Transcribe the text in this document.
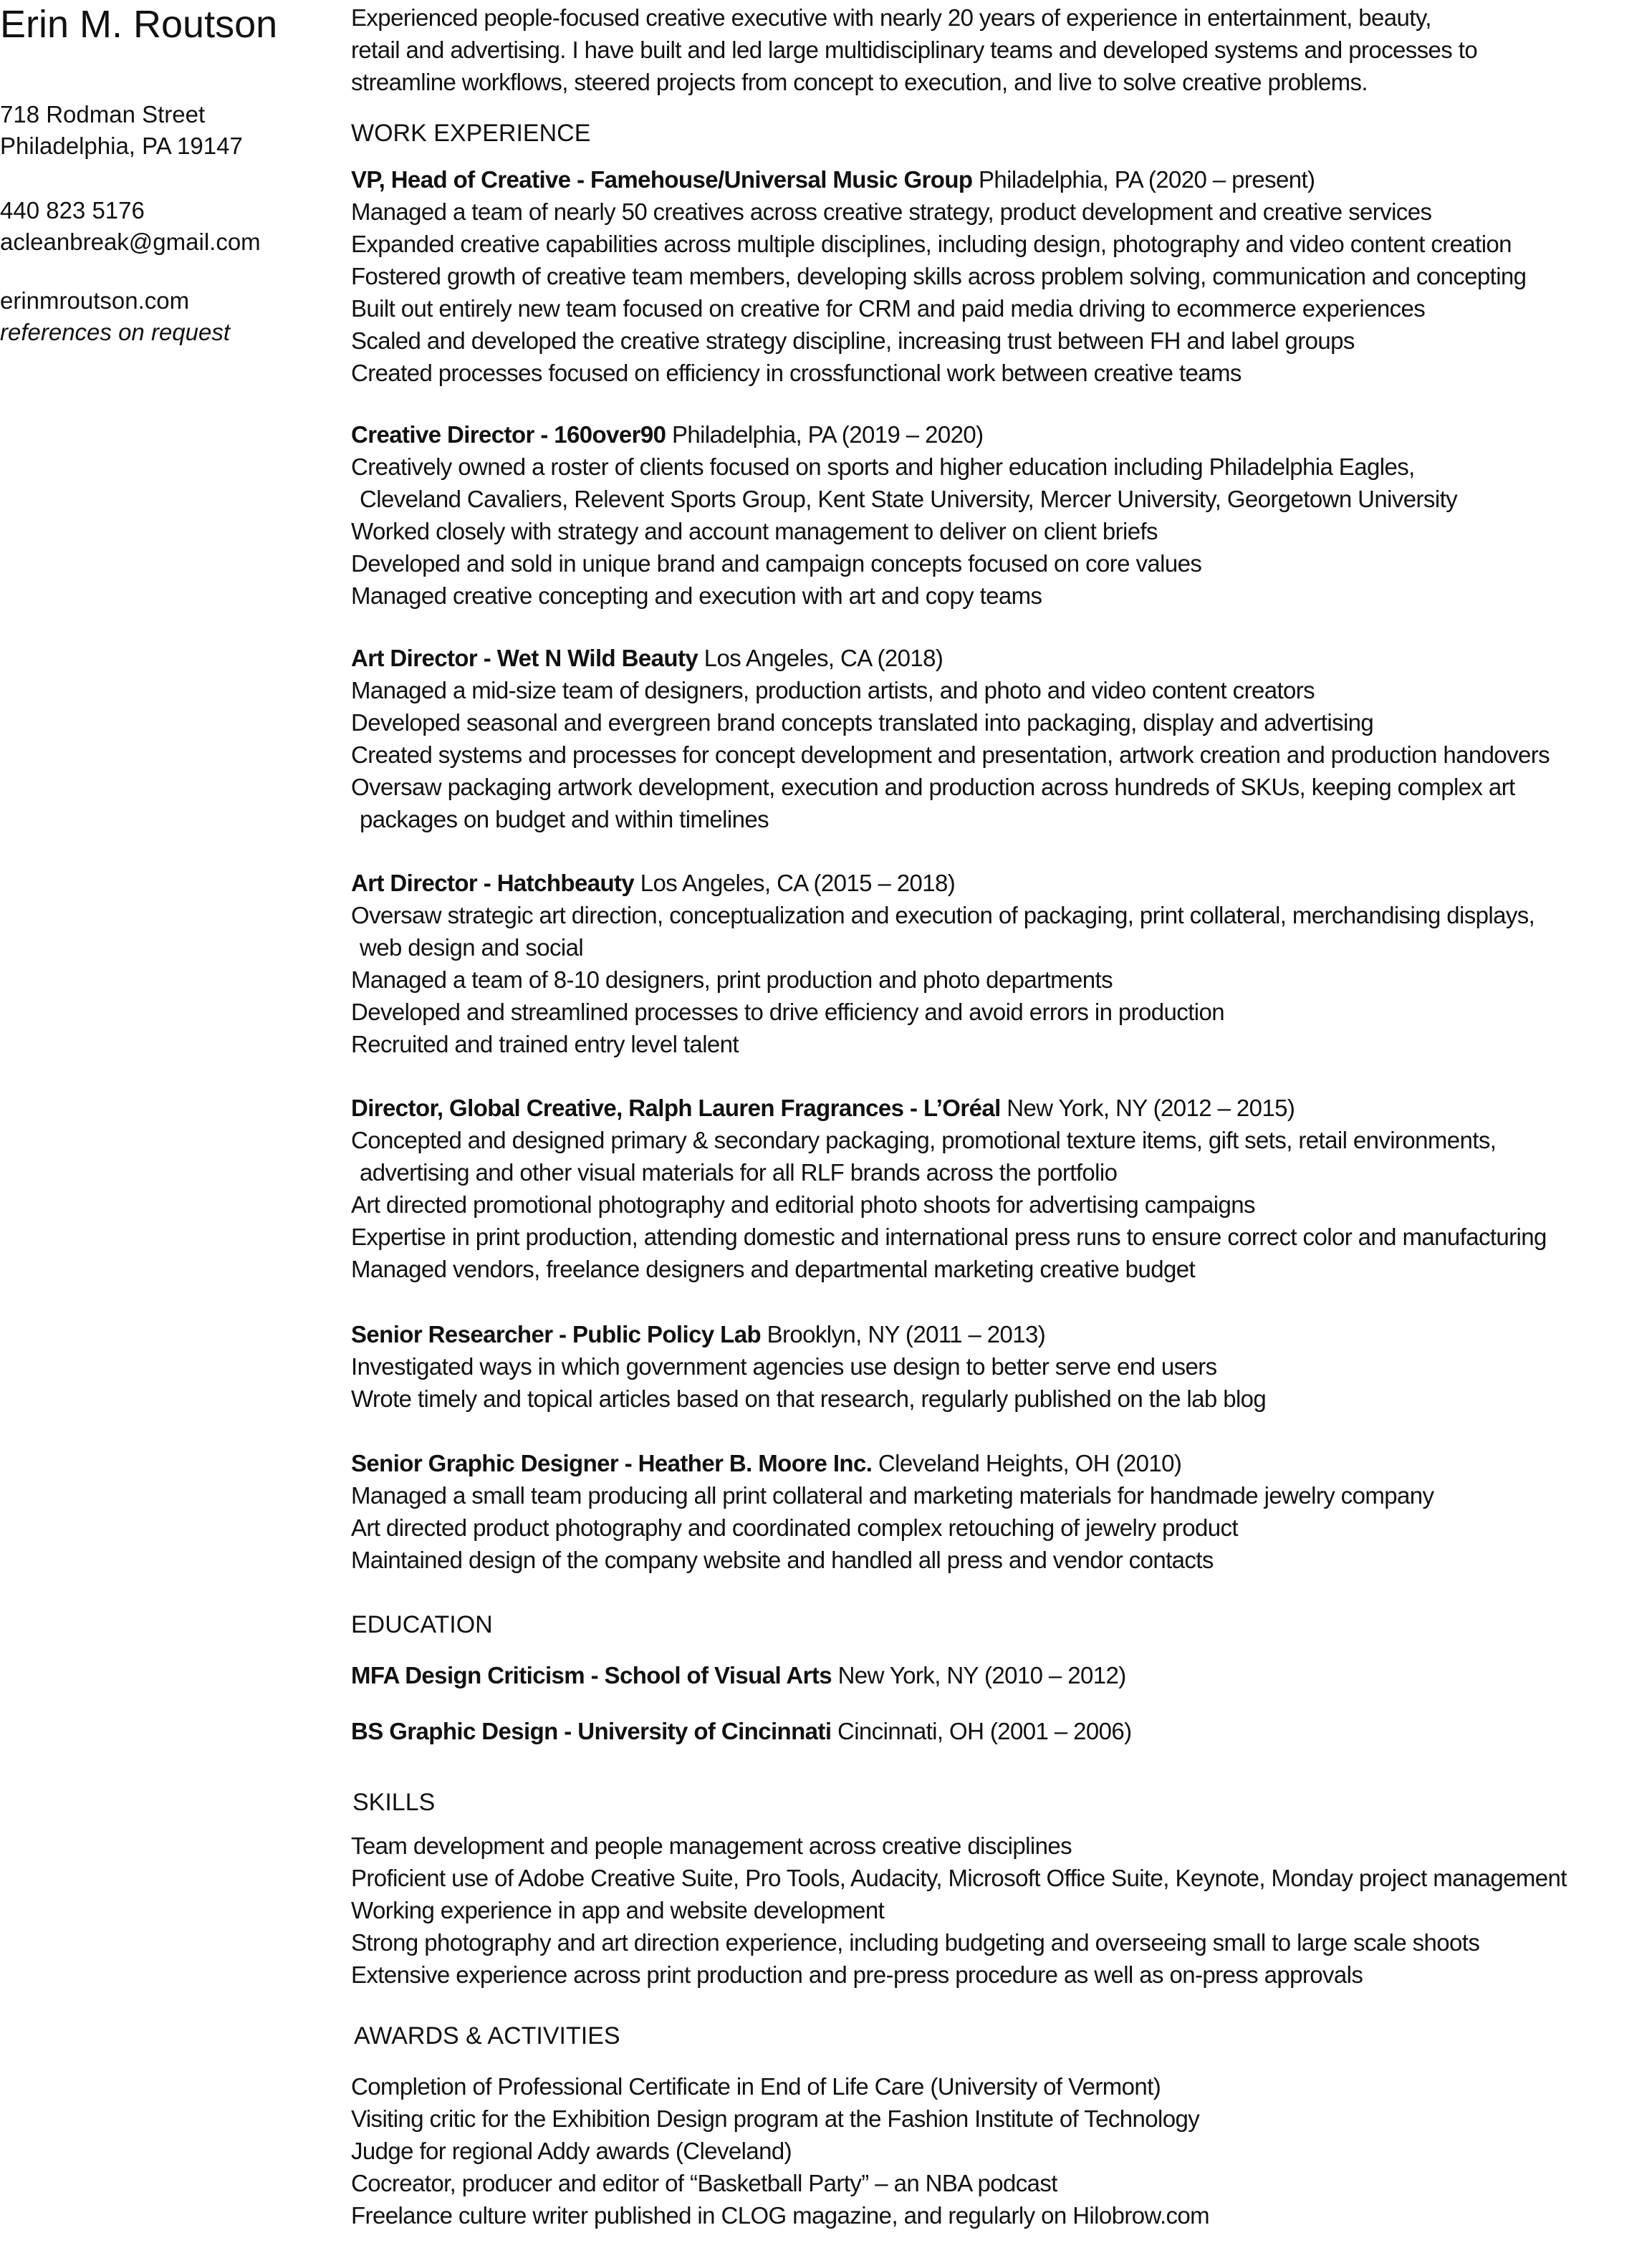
Erin M. Routson
718 Rodman Street
Philadelphia, PA 19147
440 823 5176
acleanbreak@gmail.com
erinmroutson.com
references on request

Experienced people-focused creative executive with nearly 20 years of experience in entertainment, beauty,
retail and advertising. I have built and led large multidisciplinary teams and developed systems and processes to
streamline workflows, steered projects from concept to execution, and live to solve creative problems.

WORK EXPERIENCE
VP, Head of Creative - Famehouse/Universal Music Group Philadelphia, PA (2020 – present)
Managed a team of nearly 50 creatives across creative strategy, product development and creative services
Expanded creative capabilities across multiple disciplines, including design, photography and video content creation
Fostered growth of creative team members, developing skills across problem solving, communication and concepting
Built out entirely new team focused on creative for CRM and paid media driving to ecommerce experiences
Scaled and developed the creative strategy discipline, increasing trust between FH and label groups
Created processes focused on efficiency in crossfunctional work between creative teams
Creative Director - 160over90 Philadelphia, PA (2019 – 2020)
Creatively owned a roster of clients focused on sports and higher education including Philadelphia Eagles,
Cleveland Cavaliers, Relevent Sports Group, Kent State University, Mercer University, Georgetown University
Worked closely with strategy and account management to deliver on client briefs
Developed and sold in unique brand and campaign concepts focused on core values
Managed creative concepting and execution with art and copy teams
Art Director - Wet N Wild Beauty Los Angeles, CA (2018)
Managed a mid-size team of designers, production artists, and photo and video content creators
Developed seasonal and evergreen brand concepts translated into packaging, display and advertising
Created systems and processes for concept development and presentation, artwork creation and production handovers
Oversaw packaging artwork development, execution and production across hundreds of SKUs, keeping complex art
packages on budget and within timelines
Art Director - Hatchbeauty Los Angeles, CA (2015 – 2018)
Oversaw strategic art direction, conceptualization and execution of packaging, print collateral, merchandising displays,
web design and social
Managed a team of 8-10 designers, print production and photo departments
Developed and streamlined processes to drive efficiency and avoid errors in production
Recruited and trained entry level talent
Director, Global Creative, Ralph Lauren Fragrances - L’Oréal New York, NY (2012 – 2015)
Concepted and designed primary & secondary packaging, promotional texture items, gift sets, retail environments,
advertising and other visual materials for all RLF brands across the portfolio
Art directed promotional photography and editorial photo shoots for advertising campaigns
Expertise in print production, attending domestic and international press runs to ensure correct color and manufacturing
Managed vendors, freelance designers and departmental marketing creative budget
Senior Researcher - Public Policy Lab Brooklyn, NY (2011 – 2013)
Investigated ways in which government agencies use design to better serve end users
Wrote timely and topical articles based on that research, regularly published on the lab blog
Senior Graphic Designer - Heather B. Moore Inc. Cleveland Heights, OH (2010)
Managed a small team producing all print collateral and marketing materials for handmade jewelry company
Art directed product photography and coordinated complex retouching of jewelry product
Maintained design of the company website and handled all press and vendor contacts
EDUCATION
MFA Design Criticism - School of Visual Arts New York, NY (2010 – 2012)
BS Graphic Design - University of Cincinnati Cincinnati, OH (2001 – 2006)
SKILLS
Team development and people management across creative disciplines
Proficient use of Adobe Creative Suite, Pro Tools, Audacity, Microsoft Office Suite, Keynote, Monday project management
Working experience in app and website development
Strong photography and art direction experience, including budgeting and overseeing small to large scale shoots
Extensive experience across print production and pre-press procedure as well as on-press approvals
AWARDS & ACTIVITIES
Completion of Professional Certificate in End of Life Care (University of Vermont)
Visiting critic for the Exhibition Design program at the Fashion Institute of Technology
Judge for regional Addy awards (Cleveland)
Cocreator, producer and editor of “Basketball Party” – an NBA podcast
Freelance culture writer published in CLOG magazine, and regularly on Hilobrow.com
